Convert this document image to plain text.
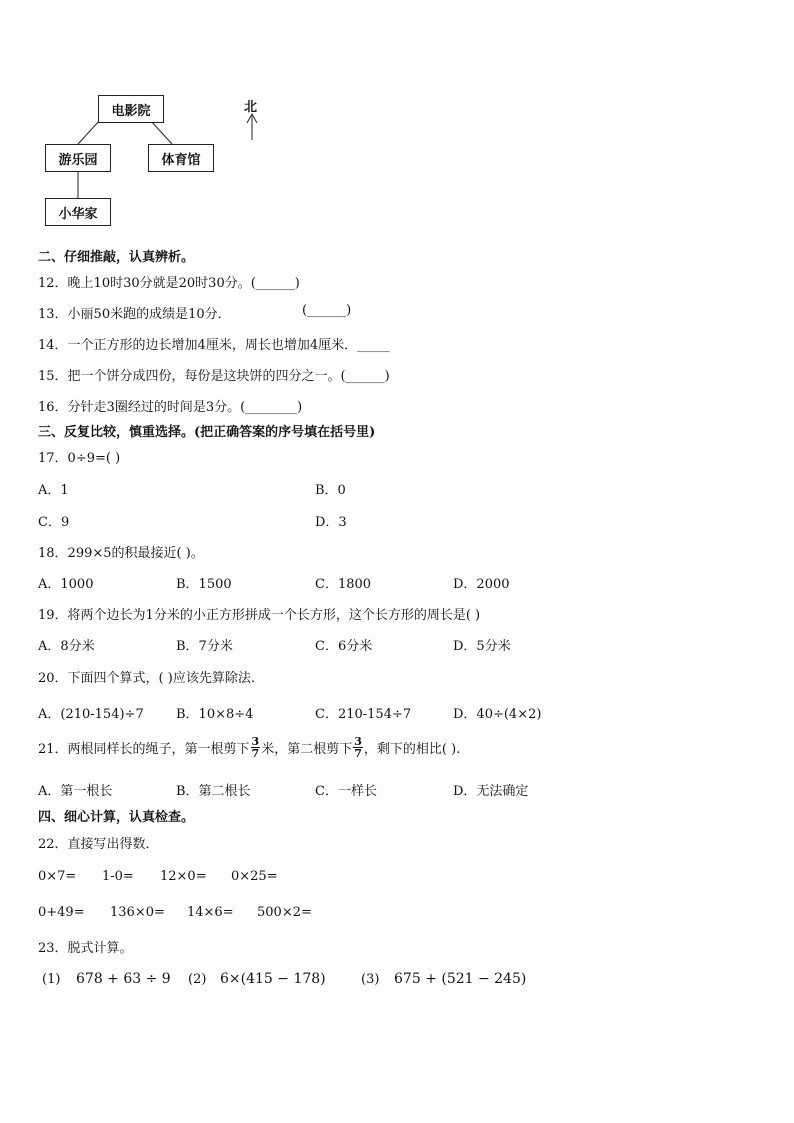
电影院
游乐园	体育馆
小华家
北
二、仔细推敲，认真辨析。
12．晚上10时30分就是20时30分。(______)
13．小丽50米跑的成绩是10分．	(______)
14．一个正方形的边长增加4厘米，周长也增加4厘米．_____
15．把一个饼分成四份，每份是这块饼的四分之一。(______)
16．分针走3圈经过的时间是3分。(________)
三、反复比较，慎重选择。(把正确答案的序号填在括号里)
17．0÷9=( )
A．1	B．0
C．9	D．3
18．299×5的积最接近( )。
A．1000	B．1500	C．1800	D．2000
19．将两个边长为1分米的小正方形拼成一个长方形，这个长方形的周长是( )
A．8分米	B．7分米	C．6分米	D．5分米
20．下面四个算式，( )应该先算除法.
A．(210-154)÷7 B．10×8÷4	C．210-154÷7	D．40÷(4×2)
21．两根同样长的绳子，第一根剪下 $\frac{3}{7}$ 米，第二根剪下 $\frac{3}{7}$ ，剩下的相比( ).
A．第一根长	B．第二根长	C．一样长	D．无法确定
四、细心计算，认真检查。
22．直接写出得数．
0×7= 1-0= 12×0= 0×25=
0+49= 136×0= 14×6= 500×2=
23．脱式计算。
(1) 678 + 63 ÷ 9 (2) 6×(415 − 178)	(3) 675 + (521 − 245)
